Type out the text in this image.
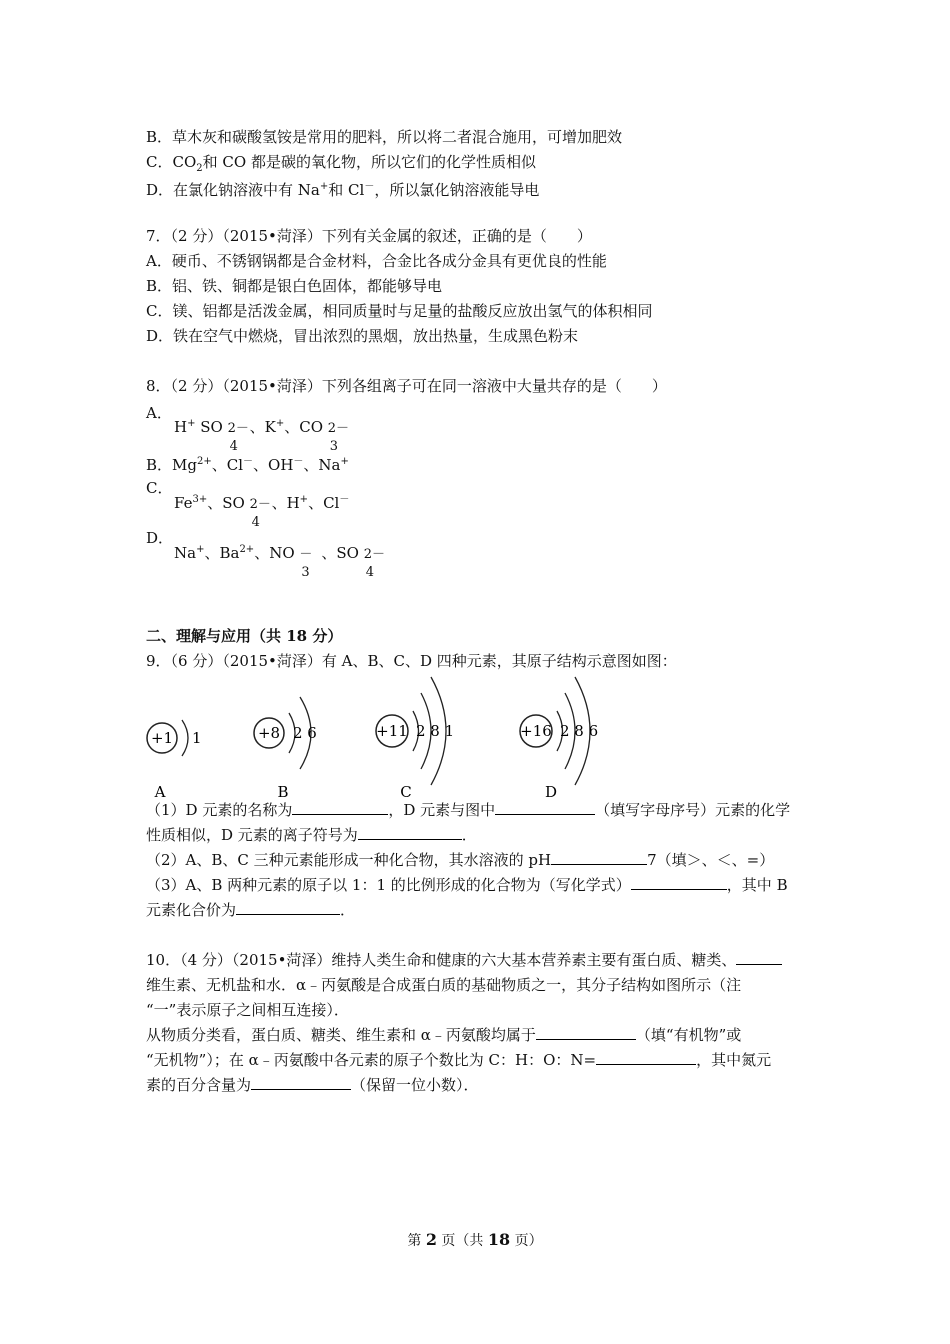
B．草木灰和碳酸氢铵是常用的肥料，所以将二者混合施用，可增加肥效
C．$CO_2$和 CO 都是碳的氧化物，所以它们的化学性质相似
D．在氯化钠溶液中有 Na+和 Cl－，所以氯化钠溶液能导电
7．（2 分）（2015•菏泽）下列有关金属的叙述，正确的是（　　）
A．硬币、不锈钢锅都是合金材料，合金比各成分金具有更优良的性能
B．铝、铁、铜都是银白色固体，都能够导电
C．镁、铝都是活泼金属，相同质量时与足量的盐酸反应放出氢气的体积相同
D．铁在空气中燃烧，冒出浓烈的黑烟，放出热量，生成黑色粉末
8．（2 分）（2015•菏泽）下列各组离子可在同一溶液中大量共存的是（　　）
A．
H+ SO 2－
4
、K+、CO 2－
3
B．$Mg^{2+}$、Cl－、OH－、Na+
C．
$Fe^{3+}$、SO 2－
4
、H+、Cl－
D．
Na+、$Ba^{2+}$、NO －
3
、SO 2－
4
二、理解与应用（共 18 分）
9．（6 分）（2015•菏泽）有 A、B、C、D 四种元素，其原子结构示意图如图：
+1 1
A
+8 2 6
B
+11 2 8 1
C
+16 2 8 6
D
（1）D 元素的名称为	，D 元素与图中	（填写字母序号）元素的化学
性质相似，D 元素的离子符号为	．
（2）A、B、C 三种元素能形成一种化合物，其水溶液的 pH	7（填＞、＜、=）
（3）A、B 两种元素的原子以 1：1 的比例形成的化合物为（写化学式）	，其中 B
元素化合价为	．
10．（4 分）（2015•菏泽）维持人类生命和健康的六大基本营养素主要有蛋白质、糖类、
维生素、无机盐和水．α﹣丙氨酸是合成蛋白质的基础物质之一，其分子结构如图所示（注
“一”表示原子之间相互连接）．
从物质分类看，蛋白质、糖类、维生素和 α﹣丙氨酸均属于	（填“有机物”或
“无机物”）；在 α﹣丙氨酸中各元素的原子个数比为 C：H：O：N=	，其中氮元
素的百分含量为	（保留一位小数）．
第 2 页（共 18 页）
